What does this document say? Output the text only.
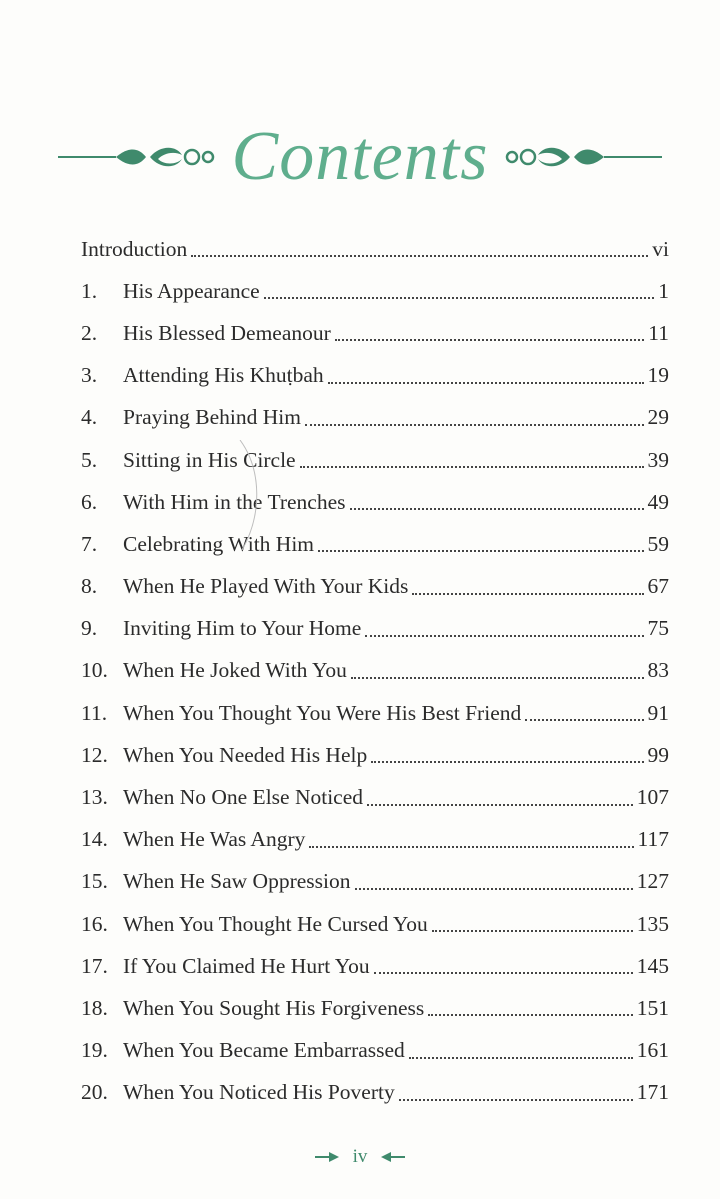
Contents
Introduction	vi
1.	His Appearance	1
2.	His Blessed Demeanour	11
3.	Attending His Khuṭbah	19
4.	Praying Behind Him	29
5.	Sitting in His Circle	39
6.	With Him in the Trenches	49
7.	Celebrating With Him	59
8.	When He Played With Your Kids	67
9.	Inviting Him to Your Home	75
10. When He Joked With You	83
11. When You Thought You Were His Best Friend	91
12. When You Needed His Help	99
13. When No One Else Noticed	107
14. When He Was Angry	117
15. When He Saw Oppression	127
16. When You Thought He Cursed You	135
17. If You Claimed He Hurt You	145
18. When You Sought His Forgiveness	151
19. When You Became Embarrassed	161
20. When You Noticed His Poverty	171
iv
